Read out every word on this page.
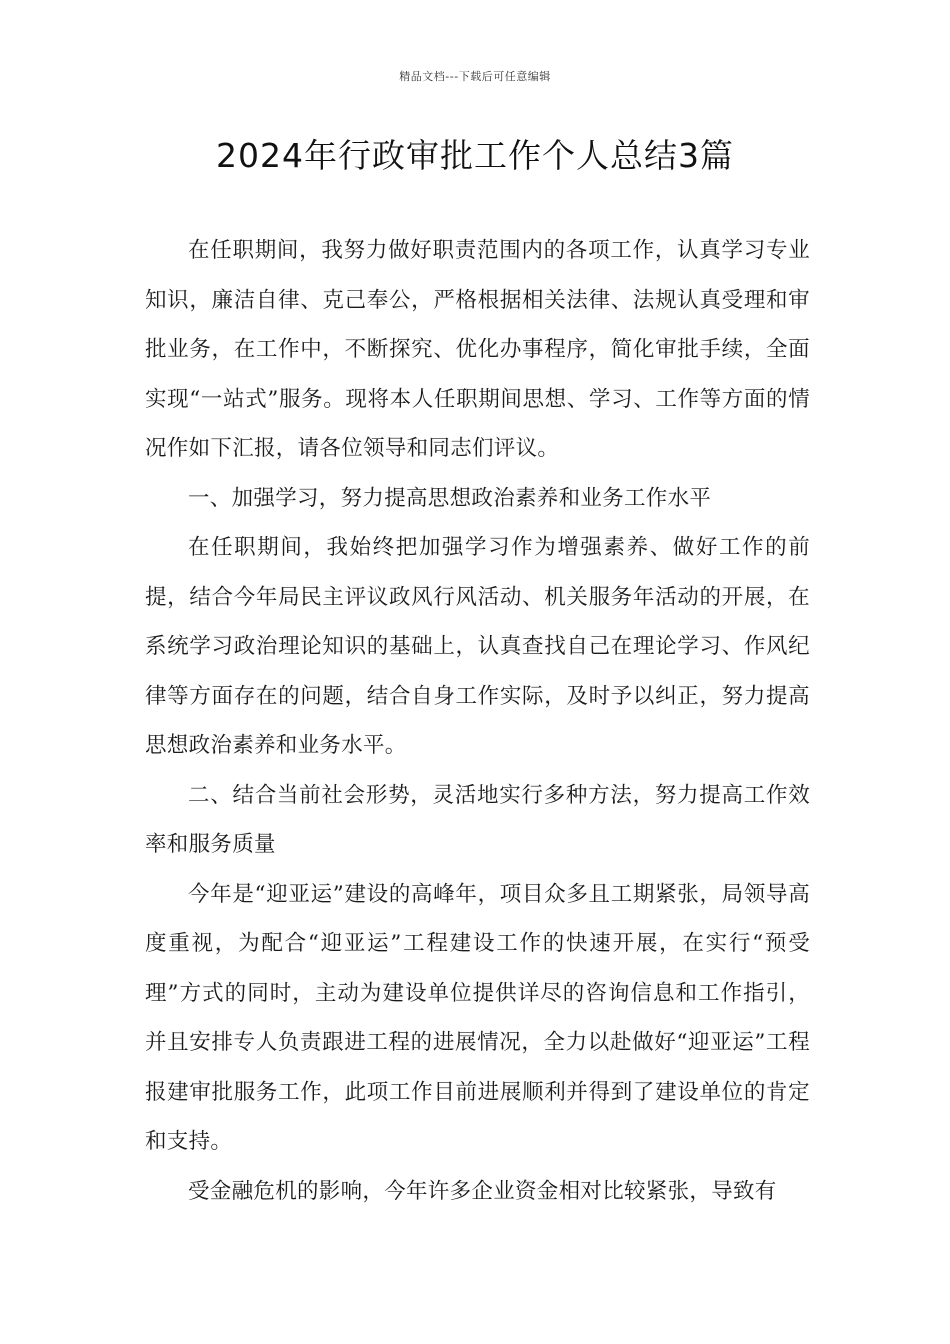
精品文档---下载后可任意编辑
2024年行政审批工作个人总结3篇

在任职期间，我努力做好职责范围内的各项工作，认真学习专业知识，廉洁自律、克己奉公，严格根据相关法律、法规认真受理和审批业务，在工作中，不断探究、优化办事程序，简化审批手续，全面实现“一站式”服务。现将本人任职期间思想、学习、工作等方面的情况作如下汇报，请各位领导和同志们评议。

一、加强学习，努力提高思想政治素养和业务工作水平

在任职期间，我始终把加强学习作为增强素养、做好工作的前提，结合今年局民主评议政风行风活动、机关服务年活动的开展，在系统学习政治理论知识的基础上，认真查找自己在理论学习、作风纪律等方面存在的问题，结合自身工作实际，及时予以纠正，努力提高思想政治素养和业务水平。

二、结合当前社会形势，灵活地实行多种方法，努力提高工作效率和服务质量

今年是“迎亚运”建设的高峰年，项目众多且工期紧张，局领导高度重视，为配合“迎亚运”工程建设工作的快速开展，在实行“预受理”方式的同时，主动为建设单位提供详尽的咨询信息和工作指引，并且安排专人负责跟进工程的进展情况，全力以赴做好“迎亚运”工程报建审批服务工作，此项工作目前进展顺利并得到了建设单位的肯定和支持。

受金融危机的影响，今年许多企业资金相对比较紧张，导致有
